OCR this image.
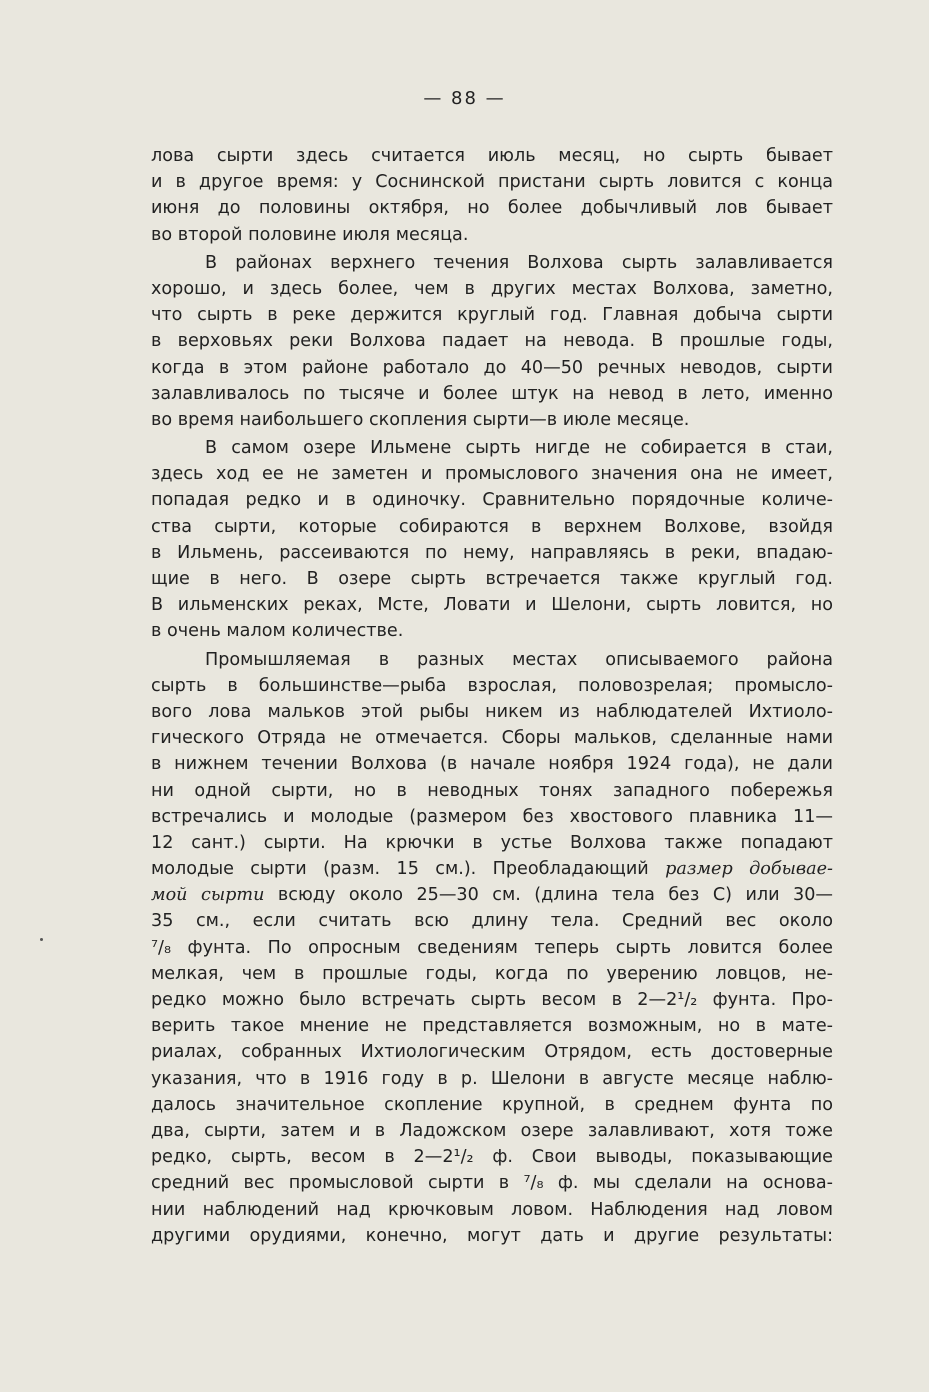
— 88 —
лова сырти здесь считается июль месяц, но сырть бывает
и в другое время: у Соснинской пристани сырть ловится с конца
июня до половины октября, но более добычливый лов бывает
во второй половине июля месяца.
В районах верхнего течения Волхова сырть залавливается
хорошо, и здесь более, чем в других местах Волхова, заметно,
что сырть в реке держится круглый год. Главная добыча сырти
в верховьях реки Волхова падает на невода. В прошлые годы,
когда в этом районе работало до 40—50 речных неводов, сырти
залавливалось по тысяче и более штук на невод в лето, именно
во время наибольшего скопления сырти—в июле месяце.
В самом озере Ильмене сырть нигде не собирается в стаи,
здесь ход ее не заметен и промыслового значения она не имеет,
попадая редко и в одиночку. Сравнительно порядочные количе-
ства сырти, которые собираются в верхнем Волхове, взойдя
в Ильмень, рассеиваются по нему, направляясь в реки, впадаю-
щие в него. В озере сырть встречается также круглый год.
В ильменских реках, Мсте, Ловати и Шелони, сырть ловится, но
в очень малом количестве.
Промышляемая в разных местах описываемого района
сырть в большинстве—рыба взрослая, половозрелая; промысло-
вого лова мальков этой рыбы никем из наблюдателей Ихтиоло-
гического Отряда не отмечается. Сборы мальков, сделанные нами
в нижнем течении Волхова (в начале ноября 1924 года), не дали
ни одной сырти, но в неводных тонях западного побережья
встречались и молодые (размером без хвостового плавника 11—
12 сант.) сырти. На крючки в устье Волхова также попадают
молодые сырти (разм. 15 см.). Преобладающий размер добывае-
мой сырти всюду около 25—30 см. (длина тела без С) или 30—
35 см., если считать всю длину тела. Средний вес около
⁷/₈ фунта. По опросным сведениям теперь сырть ловится более
мелкая, чем в прошлые годы, когда по уверению ловцов, не-
редко можно было встречать сырть весом в 2—2¹/₂ фунта. Про-
верить такое мнение не представляется возможным, но в мате-
риалах, собранных Ихтиологическим Отрядом, есть достоверные
указания, что в 1916 году в р. Шелони в августе месяце наблю-
далось значительное скопление крупной, в среднем фунта по
два, сырти, затем и в Ладожском озере залавливают, хотя тоже
редко, сырть, весом в 2—2¹/₂ ф. Свои выводы, показывающие
средний вес промысловой сырти в ⁷/₈ ф. мы сделали на основа-
нии наблюдений над крючковым ловом. Наблюдения над ловом
другими орудиями, конечно, могут дать и другие результаты:
